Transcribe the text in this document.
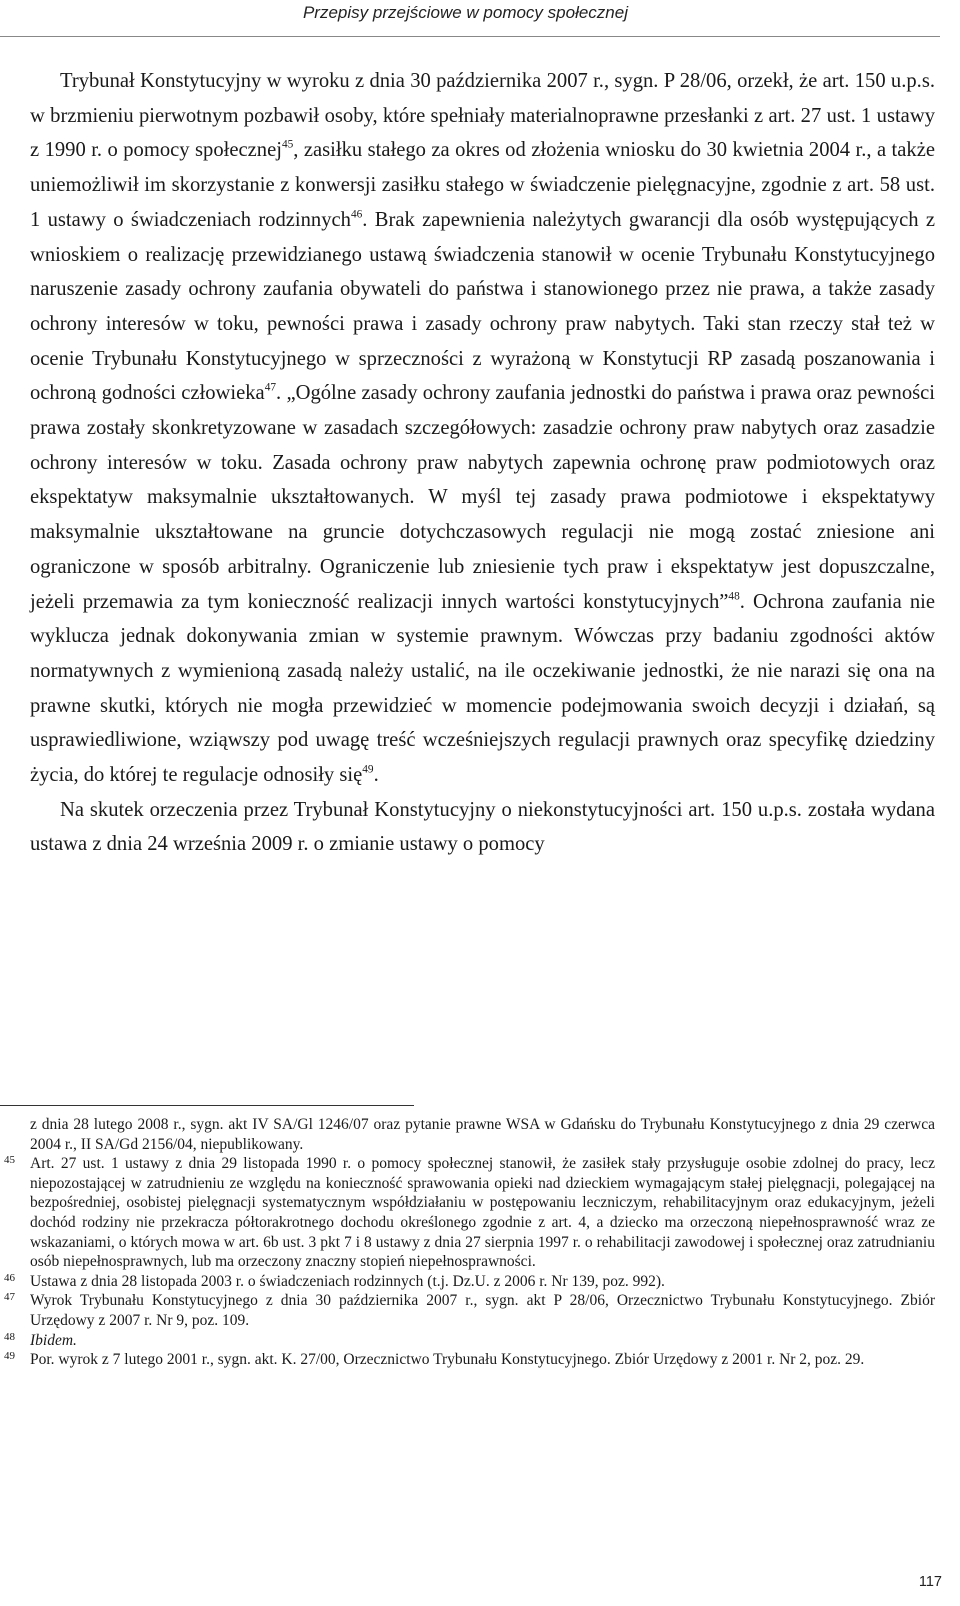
Przepisy przejściowe w pomocy społecznej

Trybunał Konstytucyjny w wyroku z dnia 30 października 2007 r., sygn. P 28/06, orzekł, że art. 150 u.p.s. w brzmieniu pierwotnym pozbawił osoby, które spełniały materialnoprawne przesłanki z art. 27 ust. 1 ustawy z 1990 r. o pomocy społecznej$^{45}$, zasiłku stałego za okres od złożenia wniosku do 30 kwietnia 2004 r., a także uniemożliwił im skorzystanie z konwersji zasiłku stałego w świadczenie pielęgnacyjne, zgodnie z art. 58 ust. 1 ustawy o świadczeniach rodzinnych$^{46}$. Brak zapewnienia należytych gwarancji dla osób występujących z wnioskiem o realizację przewidzianego ustawą świadczenia stanowił w ocenie Trybunału Konstytucyjnego naruszenie zasady ochrony zaufania obywateli do państwa i stanowionego przez nie prawa, a także zasady ochrony interesów w toku, pewności prawa i zasady ochrony praw nabytych. Taki stan rzeczy stał też w ocenie Trybunału Konstytucyjnego w sprzeczności z wyrażoną w Konstytucji RP zasadą poszanowania i ochroną godności człowieka$^{47}$. „Ogólne zasady ochrony zaufania jednostki do państwa i prawa oraz pewności prawa zostały skonkretyzowane w zasadach szczegółowych: zasadzie ochrony praw nabytych oraz zasadzie ochrony interesów w toku. Zasada ochrony praw nabytych zapewnia ochronę praw podmiotowych oraz ekspektatyw maksymalnie ukształtowanych. W myśl tej zasady prawa podmiotowe i ekspektatywy maksymalnie ukształtowane na gruncie dotychczasowych regulacji nie mogą zostać zniesione ani ograniczone w sposób arbitralny. Ograniczenie lub zniesienie tych praw i ekspektatyw jest dopuszczalne, jeżeli przemawia za tym konieczność realizacji innych wartości konstytucyjnych”$^{48}$. Ochrona zaufania nie wyklucza jednak dokonywania zmian w systemie prawnym. Wówczas przy badaniu zgodności aktów normatywnych z wymienioną zasadą należy ustalić, na ile oczekiwanie jednostki, że nie narazi się ona na prawne skutki, których nie mogła przewidzieć w momencie podejmowania swoich decyzji i działań, są usprawiedliwione, wziąwszy pod uwagę treść wcześniejszych regulacji prawnych oraz specyfikę dziedziny życia, do której te regulacje odnosiły się$^{49}$.

Na skutek orzeczenia przez Trybunał Konstytucyjny o niekonstytucyjności art. 150 u.p.s. została wydana ustawa z dnia 24 września 2009 r. o zmianie ustawy o pomocy

z dnia 28 lutego 2008 r., sygn. akt IV SA/Gl 1246/07 oraz pytanie prawne WSA w Gdańsku do Trybunału Konstytucyjnego z dnia 29 czerwca 2004 r., II SA/Gd 2156/04, niepublikowany.
45 Art. 27 ust. 1 ustawy z dnia 29 listopada 1990 r. o pomocy społecznej stanowił, że zasiłek stały przysługuje osobie zdolnej do pracy, lecz niepozostającej w zatrudnieniu ze względu na konieczność sprawowania opieki nad dzieckiem wymagającym stałej pielęgnacji, polegającej na bezpośredniej, osobistej pielęgnacji systematycznym współdziałaniu w postępowaniu leczniczym, rehabilitacyjnym oraz edukacyjnym, jeżeli dochód rodziny nie przekracza półtorakrotnego dochodu określonego zgodnie z art. 4, a dziecko ma orzeczoną niepełnosprawność wraz ze wskazaniami, o których mowa w art. 6b ust. 3 pkt 7 i 8 ustawy z dnia 27 sierpnia 1997 r. o rehabilitacji zawodowej i społecznej oraz zatrudnianiu osób niepełnosprawnych, lub ma orzeczony znaczny stopień niepełnosprawności.
46 Ustawa z dnia 28 listopada 2003 r. o świadczeniach rodzinnych (t.j. Dz.U. z 2006 r. Nr 139, poz. 992).
47 Wyrok Trybunału Konstytucyjnego z dnia 30 października 2007 r., sygn. akt P 28/06, Orzecznictwo Trybunału Konstytucyjnego. Zbiór Urzędowy z 2007 r. Nr 9, poz. 109.
48 Ibidem.
49 Por. wyrok z 7 lutego 2001 r., sygn. akt. K. 27/00, Orzecznictwo Trybunału Konstytucyjnego. Zbiór Urzędowy z 2001 r. Nr 2, poz. 29.
117
